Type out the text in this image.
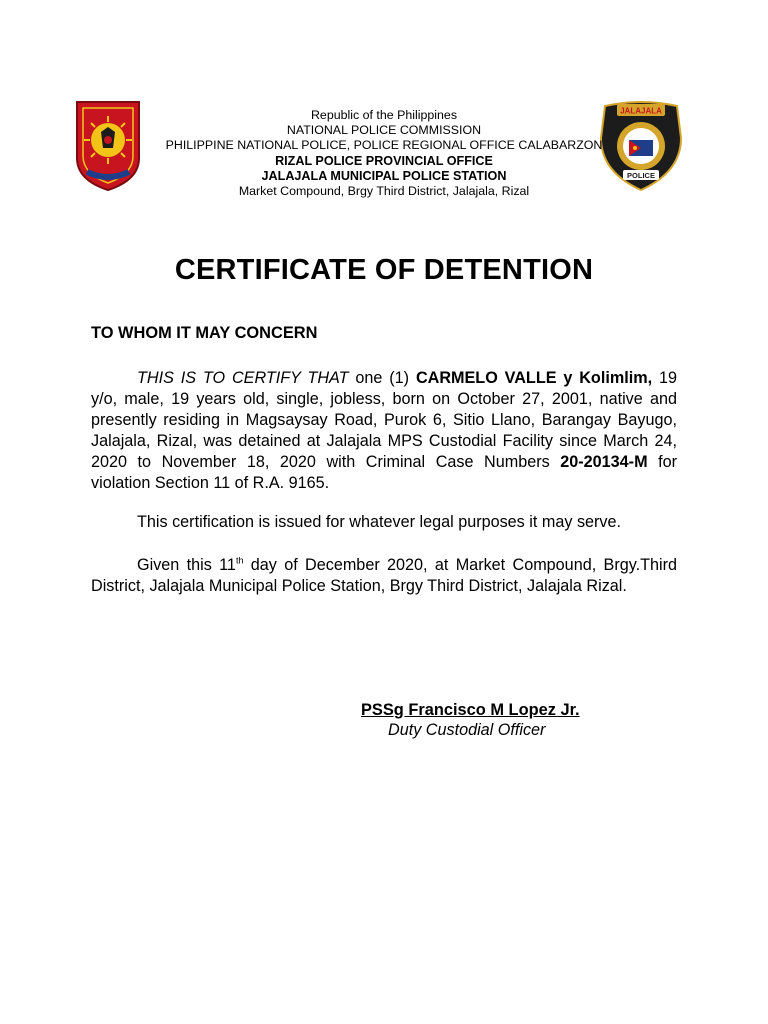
JALAJALA
POLICE
Republic of the Philippines
NATIONAL POLICE COMMISSION
PHILIPPINE NATIONAL POLICE, POLICE REGIONAL OFFICE CALABARZON
RIZAL POLICE PROVINCIAL OFFICE
JALAJALA MUNICIPAL POLICE STATION
Market Compound, Brgy Third District, Jalajala, Rizal
CERTIFICATE OF DETENTION
TO WHOM IT MAY CONCERN
THIS IS TO CERTIFY THAT one (1) CARMELO VALLE y Kolimlim, 19 y/o, male, 19 years old, single, jobless, born on October 27, 2001, native and presently residing in Magsaysay Road, Purok 6, Sitio Llano, Barangay Bayugo, Jalajala, Rizal, was detained at Jalajala MPS Custodial Facility since March 24, 2020 to November 18, 2020 with Criminal Case Numbers 20-20134-M for violation Section 11 of R.A. 9165.
This certification is issued for whatever legal purposes it may serve.
Given this 11th day of December 2020, at Market Compound, Brgy.Third District, Jalajala Municipal Police Station, Brgy Third District, Jalajala Rizal.
PSSg Francisco M Lopez Jr.
Duty Custodial Officer
